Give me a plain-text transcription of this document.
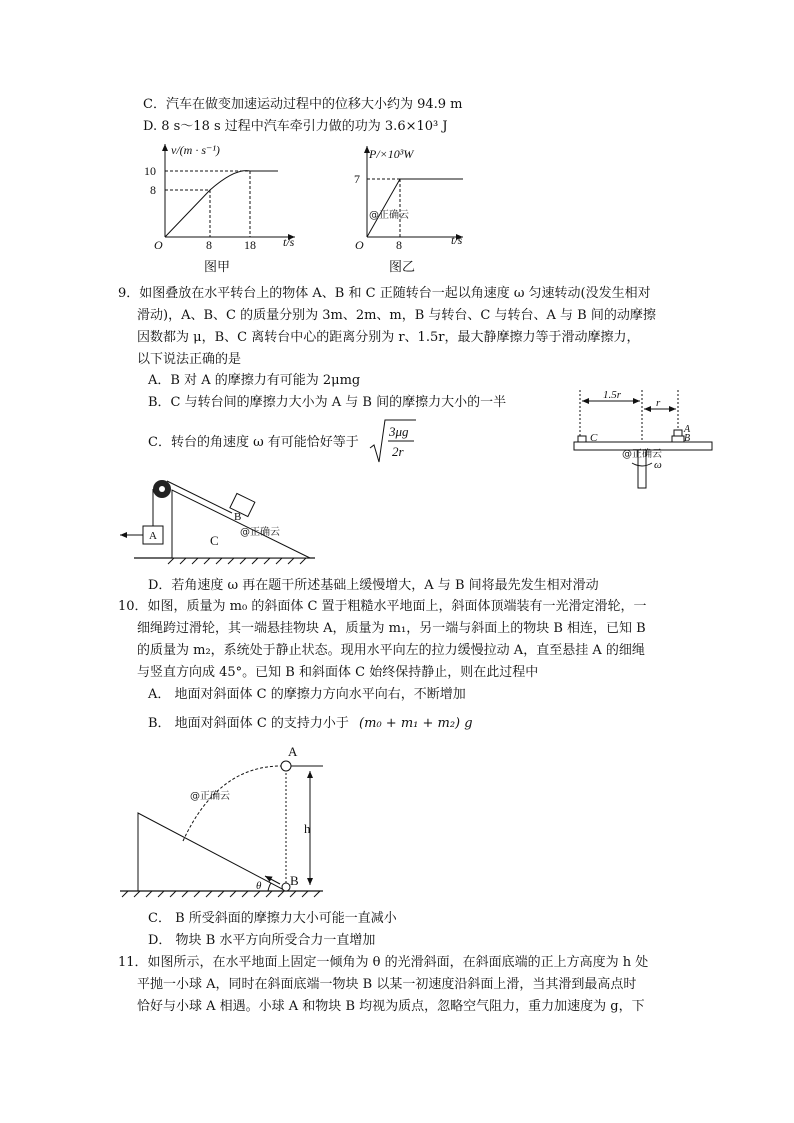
C．汽车在做变加速运动过程中的位移大小约为 94.9 m
D. 8 s～18 s 过程中汽车牵引力做的功为 3.6×10³ J
v/(m · s⁻¹)
10
8
O	8	18 t/s
图甲
P/×10³W
7
@正确云
O	8	t/s
图乙
9．如图叠放在水平转台上的物体 A、B 和 C 正随转台一起以角速度 ω 匀速转动(没发生相对
滑动)，A、B、C 的质量分别为 3m、2m、m，B 与转台、C 与转台、A 与 B 间的动摩擦
因数都为 μ，B、C 离转台中心的距离分别为 r、1.5r，最大静摩擦力等于滑动摩擦力，
以下说法正确的是
A．B 对 A 的摩擦力有可能为 2μmg
B．C 与转台间的摩擦力大小为 A 与 B 间的摩擦力大小的一半
C．转台的角速度 ω 有可能恰好等于
3μg
2r
1.5r
r
C
A
B
ω
@正确云
A
B
C
@正确云
D．若角速度 ω 再在题干所述基础上缓慢增大，A 与 B 间将最先发生相对滑动
10．如图，质量为 m₀ 的斜面体 C 置于粗糙水平地面上，斜面体顶端装有一光滑定滑轮，一
细绳跨过滑轮，其一端悬挂物块 A，质量为 m₁，另一端与斜面上的物块 B 相连，已知 B
的质量为 m₂，系统处于静止状态。现用水平向左的拉力缓慢拉动 A，直至悬挂 A 的细绳
与竖直方向成 45°。已知 B 和斜面体 C 始终保持静止，则在此过程中
A． 地面对斜面体 C 的摩擦力方向水平向右，不断增加
B． 地面对斜面体 C 的支持力小于 (m₀ + m₁ + m₂) g
h
A
B
θ
@正确云
C． B 所受斜面的摩擦力大小可能一直减小
D． 物块 B 水平方向所受合力一直增加
11．如图所示，在水平地面上固定一倾角为 θ 的光滑斜面，在斜面底端的正上方高度为 h 处
平抛一小球 A，同时在斜面底端一物块 B 以某一初速度沿斜面上滑，当其滑到最高点时
恰好与小球 A 相遇。小球 A 和物块 B 均视为质点，忽略空气阻力，重力加速度为 g，下
